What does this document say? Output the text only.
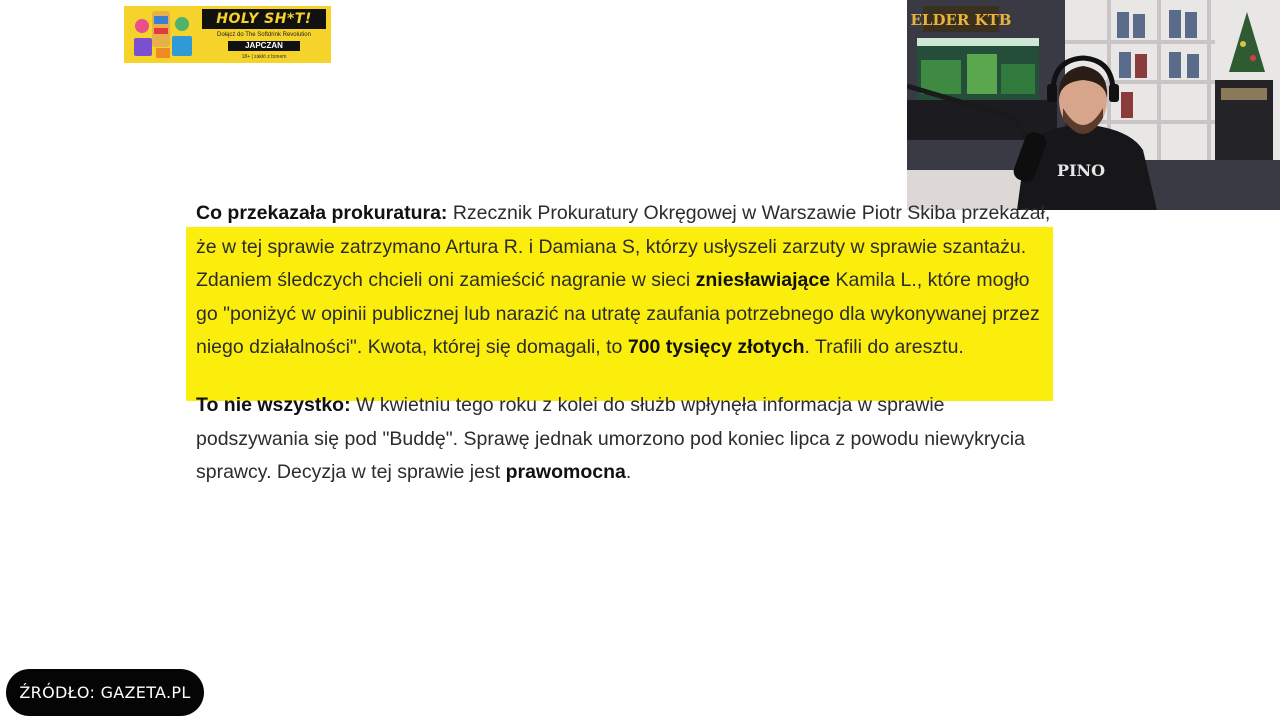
HOLY SH*T!
Dołącz do The Softdrink Revolution
JAPCZAN
18+ | zakłó z bonem
ELDER KTB
PINO

Co przekazała prokuratura: Rzecznik Prokuratury Okręgowej w Warszawie Piotr Skiba przekazał, że w tej sprawie zatrzymano Artura R. i Damiana S, którzy usłyszeli zarzuty w sprawie szantażu. Zdaniem śledczych chcieli oni zamieścić nagranie w sieci zniesławiające Kamila L., które mogło go "poniżyć w opinii publicznej lub narazić na utratę zaufania potrzebnego dla wykonywanej przez niego działalności". Kwota, której się domagali, to 700 tysięcy złotych. Trafili do aresztu.

To nie wszystko: W kwietniu tego roku z kolei do służb wpłynęła informacja w sprawie podszywania się pod "Buddę". Sprawę jednak umorzono pod koniec lipca z powodu niewykrycia sprawcy. Decyzja w tej sprawie jest prawomocna.

ŹRÓDŁO: GAZETA.PL
